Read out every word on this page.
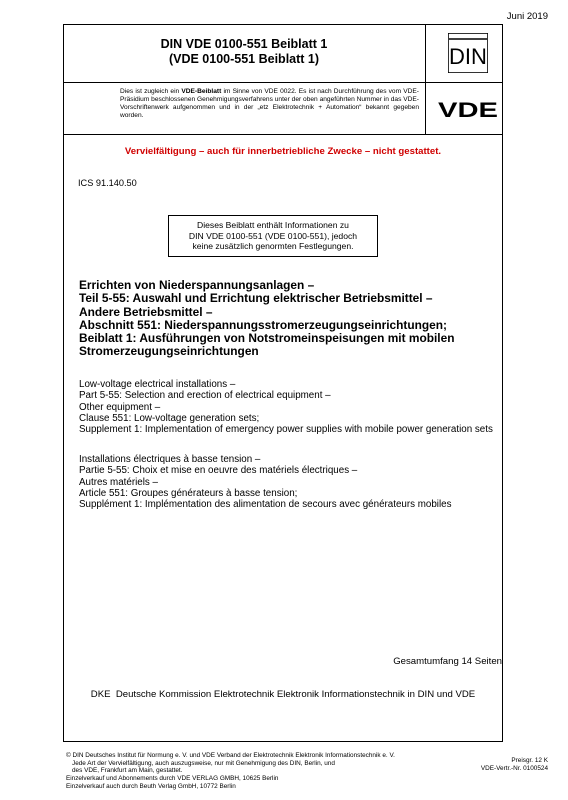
Juni 2019
DIN VDE 0100-551 Beiblatt 1
(VDE 0100-551 Beiblatt 1)	DIN
Dies ist zugleich ein VDE-Beiblatt im Sinne von VDE 0022. Es ist nach Durchführung des vom VDE-Präsidium beschlossenen Genehmigungsverfahrens unter der oben angeführten Nummer in das VDE-Vorschriftenwerk aufgenommen und in der „etz Elektrotechnik + Automation“ bekannt gegeben worden.	VDE
Vervielfältigung – auch für innerbetriebliche Zwecke – nicht gestattet.
ICS 91.140.50
Dieses Beiblatt enthält Informationen zu
DIN VDE 0100-551 (VDE 0100-551), jedoch
keine zusätzlich genormten Festlegungen.
Errichten von Niederspannungsanlagen –
Teil 5-55: Auswahl und Errichtung elektrischer Betriebsmittel –
Andere Betriebsmittel –
Abschnitt 551: Niederspannungsstromerzeugungseinrichtungen;
Beiblatt 1: Ausführungen von Notstromeinspeisungen mit mobilen
Stromerzeugungseinrichtungen
Low-voltage electrical installations –
Part 5-55: Selection and erection of electrical equipment –
Other equipment –
Clause 551: Low-voltage generation sets;
Supplement 1: Implementation of emergency power supplies with mobile power generation sets
Installations électriques à basse tension –
Partie 5-55: Choix et mise en oeuvre des matériels électriques –
Autres matériels –
Article 551: Groupes générateurs à basse tension;
Supplément 1: Implémentation des alimentation de secours avec générateurs mobiles
Gesamtumfang 14 Seiten
DKE  Deutsche Kommission Elektrotechnik Elektronik Informationstechnik in DIN und VDE
© DIN Deutsches Institut für Normung e. V. und VDE Verband der Elektrotechnik Elektronik Informationstechnik e. V.
Jede Art der Vervielfältigung, auch auszugsweise, nur mit Genehmigung des DIN, Berlin, und
des VDE, Frankfurt am Main, gestattet.
Einzelverkauf und Abonnements durch VDE VERLAG GMBH, 10625 Berlin
Einzelverkauf auch durch Beuth Verlag GmbH, 10772 Berlin
Preisgr. 12 K
VDE-Vertr.-Nr. 0100524
